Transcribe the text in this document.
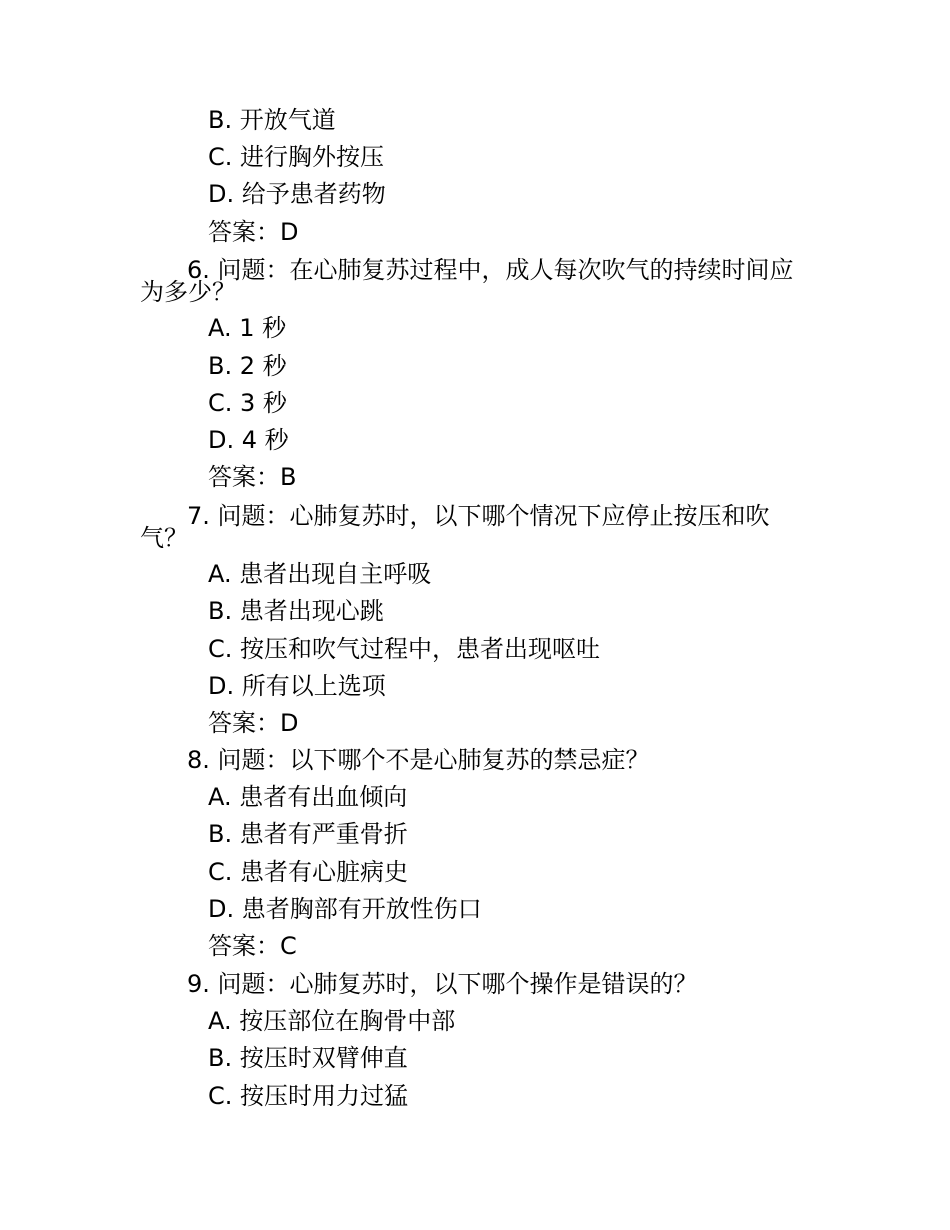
B. 开放气道
C. 进行胸外按压
D. 给予患者药物
答案：D
6. 问题：在心肺复苏过程中，成人每次吹气的持续时间应
为多少？
A. 1 秒
B. 2 秒
C. 3 秒
D. 4 秒
答案：B
7. 问题：心肺复苏时，以下哪个情况下应停止按压和吹
气？
A. 患者出现自主呼吸
B. 患者出现心跳
C. 按压和吹气过程中，患者出现呕吐
D. 所有以上选项
答案：D
8. 问题：以下哪个不是心肺复苏的禁忌症？
A. 患者有出血倾向
B. 患者有严重骨折
C. 患者有心脏病史
D. 患者胸部有开放性伤口
答案：C
9. 问题：心肺复苏时，以下哪个操作是错误的？
A. 按压部位在胸骨中部
B. 按压时双臂伸直
C. 按压时用力过猛
